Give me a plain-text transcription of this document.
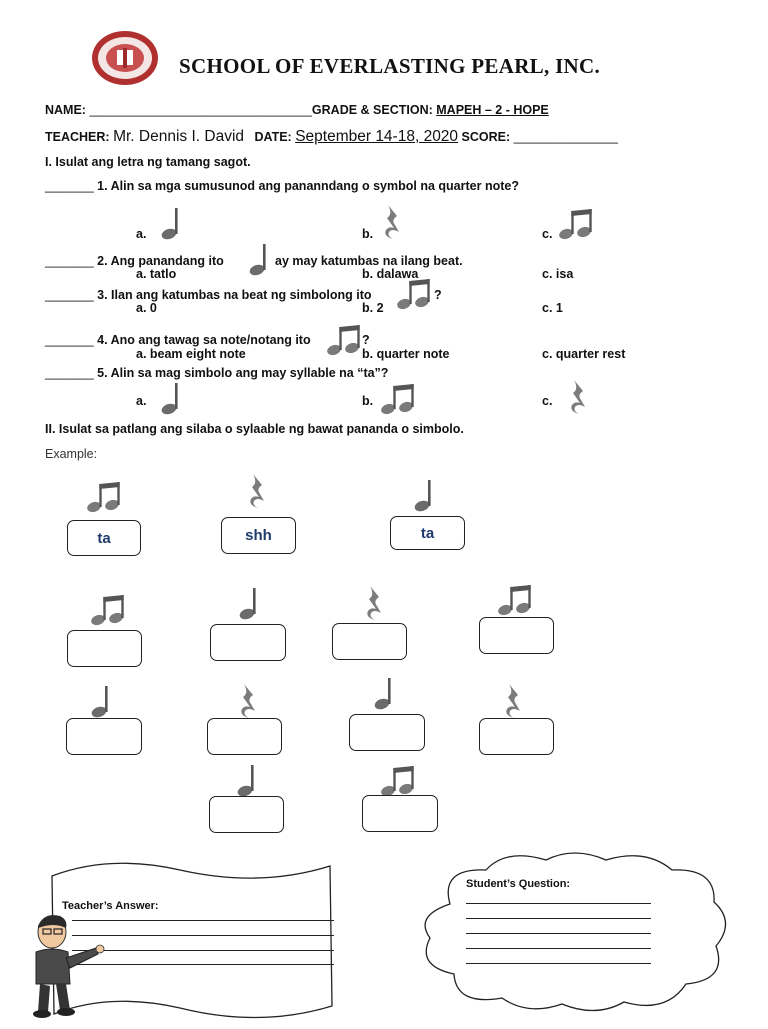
SCHOOL OF EVERLASTING PEARL, INC.
NAME: ________________________________GRADE & SECTION: MAPEH – 2 - HOPE
TEACHER: Mr. Dennis I. David DATE: September 14-18, 2020 SCORE: _______________
I. Isulat ang letra ng tamang sagot.
_______ 1. Alin sa mga sumusunod ang pananndang o symbol na quarter note?
a.	b.	c.
_______ 2. Ang panandang ito	ay may katumbas na ilang beat.
a. tatlo	b. dalawa	c. isa
_______ 3. Ilan ang katumbas na beat ng simbolong ito	?
a. 0	b. 2	c. 1
_______ 4. Ano ang tawag sa note/notang ito	?
a. beam eight note	b. quarter note	c. quarter rest
_______ 5. Alin sa mag simbolo ang may syllable na “ta”?
a.	b.	c.
II. Isulat sa patlang ang silaba o sylaable ng bawat pananda o simbolo.
Example:
ta	shh	ta
Teacher’s Answer:
Student’s Question:
